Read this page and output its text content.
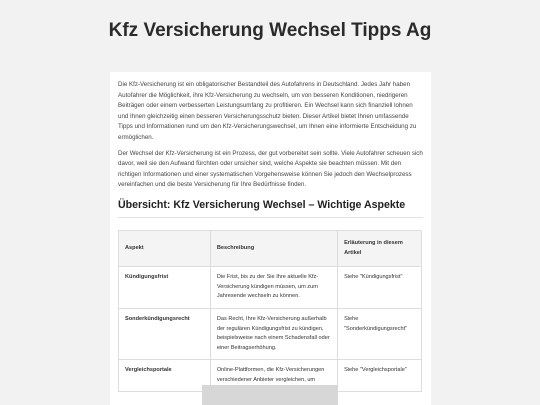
Kfz Versicherung Wechsel Tipps Ag

Die Kfz-Versicherung ist ein obligatorischer Bestandteil des Autofahrens in Deutschland. Jedes Jahr haben Autofahrer die Möglichkeit, ihre Kfz-Versicherung zu wechseln, um von besseren Konditionen, niedrigeren Beiträgen oder einem verbesserten Leistungsumfang zu profitieren. Ein Wechsel kann sich finanziell lohnen und Ihnen gleichzeitig einen besseren Versicherungsschutz bieten. Dieser Artikel bietet Ihnen umfassende Tipps und Informationen rund um den Kfz-Versicherungswechsel, um Ihnen eine informierte Entscheidung zu ermöglichen.

Der Wechsel der Kfz-Versicherung ist ein Prozess, der gut vorbereitet sein sollte. Viele Autofahrer scheuen sich davor, weil sie den Aufwand fürchten oder unsicher sind, welche Aspekte sie beachten müssen. Mit den richtigen Informationen und einer systematischen Vorgehensweise können Sie jedoch den Wechselprozess vereinfachen und die beste Versicherung für Ihre Bedürfnisse finden.

Übersicht: Kfz Versicherung Wechsel – Wichtige Aspekte
Aspekt	Beschreibung	Erläuterung in diesem Artikel
Kündigungsfrist	Die Frist, bis zu der Sie Ihre aktuelle Kfz-Versicherung kündigen müssen, um zum Jahresende wechseln zu können.	Siehe "Kündigungsfrist"
Sonderkündigungsrecht	Das Recht, Ihre Kfz-Versicherung außerhalb der regulären Kündigungsfrist zu kündigen, beispielsweise nach einem Schadensfall oder einer Beitragserhöhung.	Siehe "Sonderkündigungsrecht"
Vergleichsportale	Online-Plattformen, die Kfz-Versicherungen verschiedener Anbieter vergleichen, um	Siehe "Vergleichsportale"
